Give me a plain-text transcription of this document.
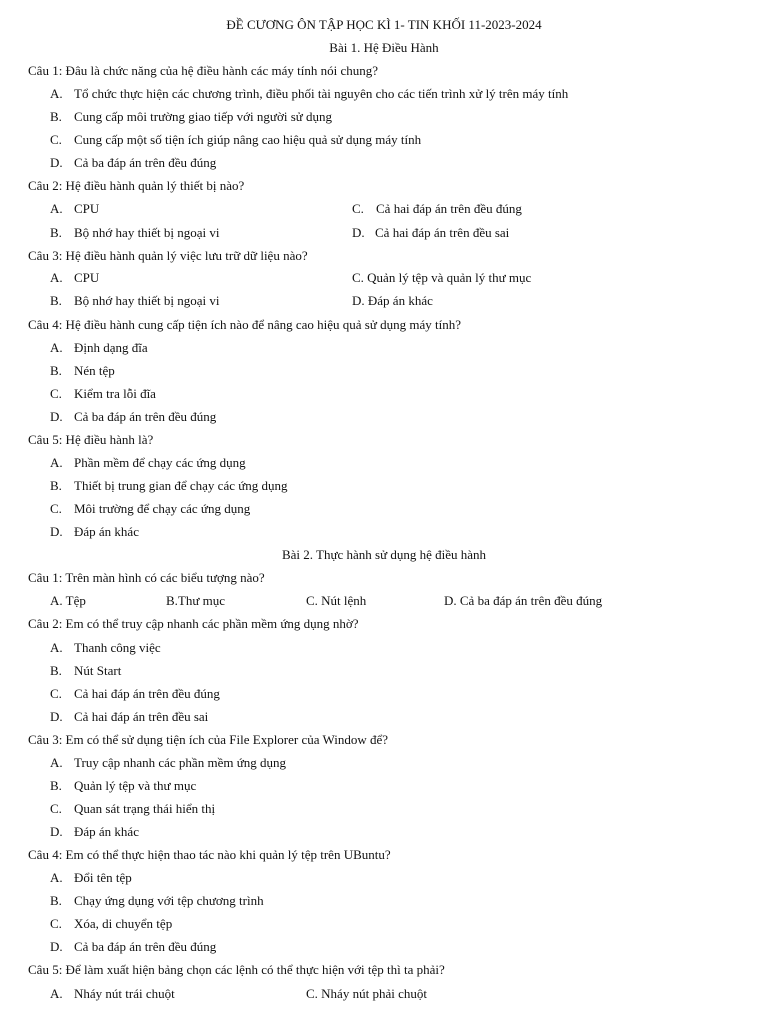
ĐỀ CƯƠNG ÔN TẬP HỌC KÌ 1- TIN KHỐI 11-2023-2024
Bài 1. Hệ Điều Hành
Câu 1: Đâu là chức năng của hệ điều hành các máy tính nói chung?
A. Tổ chức thực hiện các chương trình, điều phối tài nguyên cho các tiến trình xử lý trên máy tính
B. Cung cấp môi trường giao tiếp với người sử dụng
C. Cung cấp một số tiện ích giúp nâng cao hiệu quả sử dụng máy tính
D. Cả ba đáp án trên đều đúng
Câu 2: Hệ điều hành quản lý thiết bị nào?
A. CPU	C. Cả hai đáp án trên đều đúng
B. Bộ nhớ hay thiết bị ngoại vi	D. Cả hai đáp án trên đều sai
Câu 3: Hệ điều hành quản lý việc lưu trữ dữ liệu nào?
A. CPU	C. Quản lý tệp và quản lý thư mục
B. Bộ nhớ hay thiết bị ngoại vi	D. Đáp án khác
Câu 4: Hệ điều hành cung cấp tiện ích nào để nâng cao hiệu quả sử dụng máy tính?
A. Định dạng đĩa
B. Nén tệp
C. Kiểm tra lỗi đĩa
D. Cả ba đáp án trên đều đúng
Câu 5: Hệ điều hành là?
A. Phần mềm để chạy các ứng dụng
B. Thiết bị trung gian để chạy các ứng dụng
C. Môi trường để chạy các ứng dụng
D. Đáp án khác
Bài 2. Thực hành sử dụng hệ điều hành
Câu 1: Trên màn hình có các biểu tượng nào?
A. Tệp	B.Thư mục	C. Nút lệnh	D. Cả ba đáp án trên đều đúng
Câu 2: Em có thể truy cập nhanh các phần mềm ứng dụng nhờ?
A. Thanh công việc
B. Nút Start
C. Cả hai đáp án trên đều đúng
D. Cả hai đáp án trên đều sai
Câu 3: Em có thể sử dụng tiện ích của File Explorer của Window để?
A. Truy cập nhanh các phần mềm ứng dụng
B. Quản lý tệp và thư mục
C. Quan sát trạng thái hiển thị
D. Đáp án khác
Câu 4: Em có thể thực hiện thao tác nào khi quản lý tệp trên UBuntu?
A. Đổi tên tệp
B. Chạy ứng dụng với tệp chương trình
C. Xóa, di chuyển tệp
D. Cả ba đáp án trên đều đúng
Câu 5: Để làm xuất hiện bảng chọn các lệnh có thể thực hiện với tệp thì ta phải?
A. Nháy nút trái chuột	C. Nháy nút phải chuột
